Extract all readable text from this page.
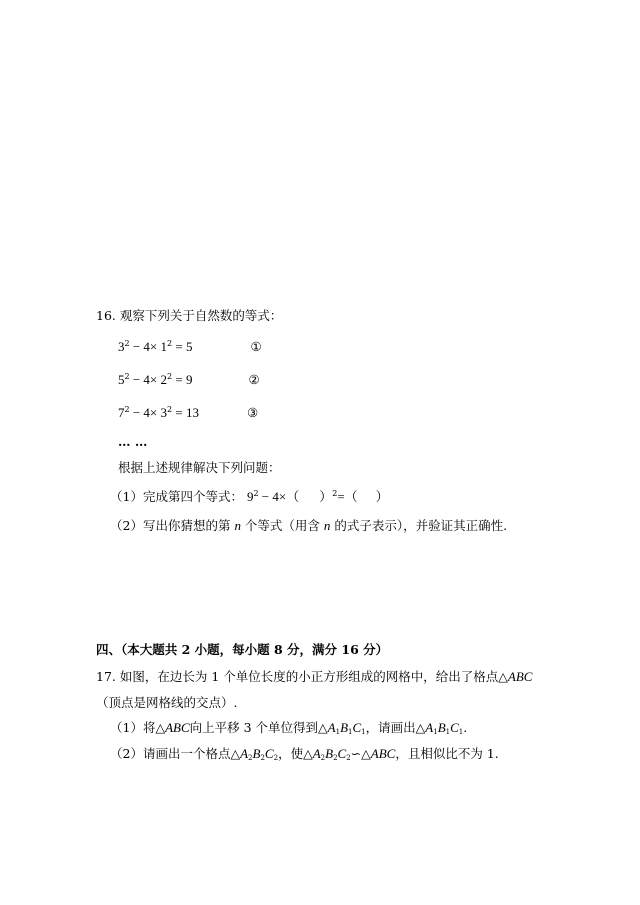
16. 观察下列关于自然数的等式：
$3^2 - 4\times 1^2 = 5$	①
$5^2 - 4\times 2^2 = 9$	②
$7^2 - 4\times 3^2 = 13$	③
… …
根据上述规律解决下列问题：
（1）完成第四个等式： $9^2 - 4\times$（ ）$^2$=（ ）
（2）写出你猜想的第 n 个等式（用含 n 的式子表示），并验证其正确性.
四、（本大题共 2 小题，每小题 8 分，满分 16 分）
17. 如图，在边长为 1 个单位长度的小正方形组成的网格中，给出了格点△ABC
（顶点是网格线的交点）.
（1）将△ABC向上平移 3 个单位得到$\triangle A_1B_1C_1$，请画出$\triangle A_1B_1C_1$.
（2）请画出一个格点$\triangle A_2B_2C_2$，使$\triangle A_2B_2C_2∽\triangle ABC$，且相似比不为 1.
